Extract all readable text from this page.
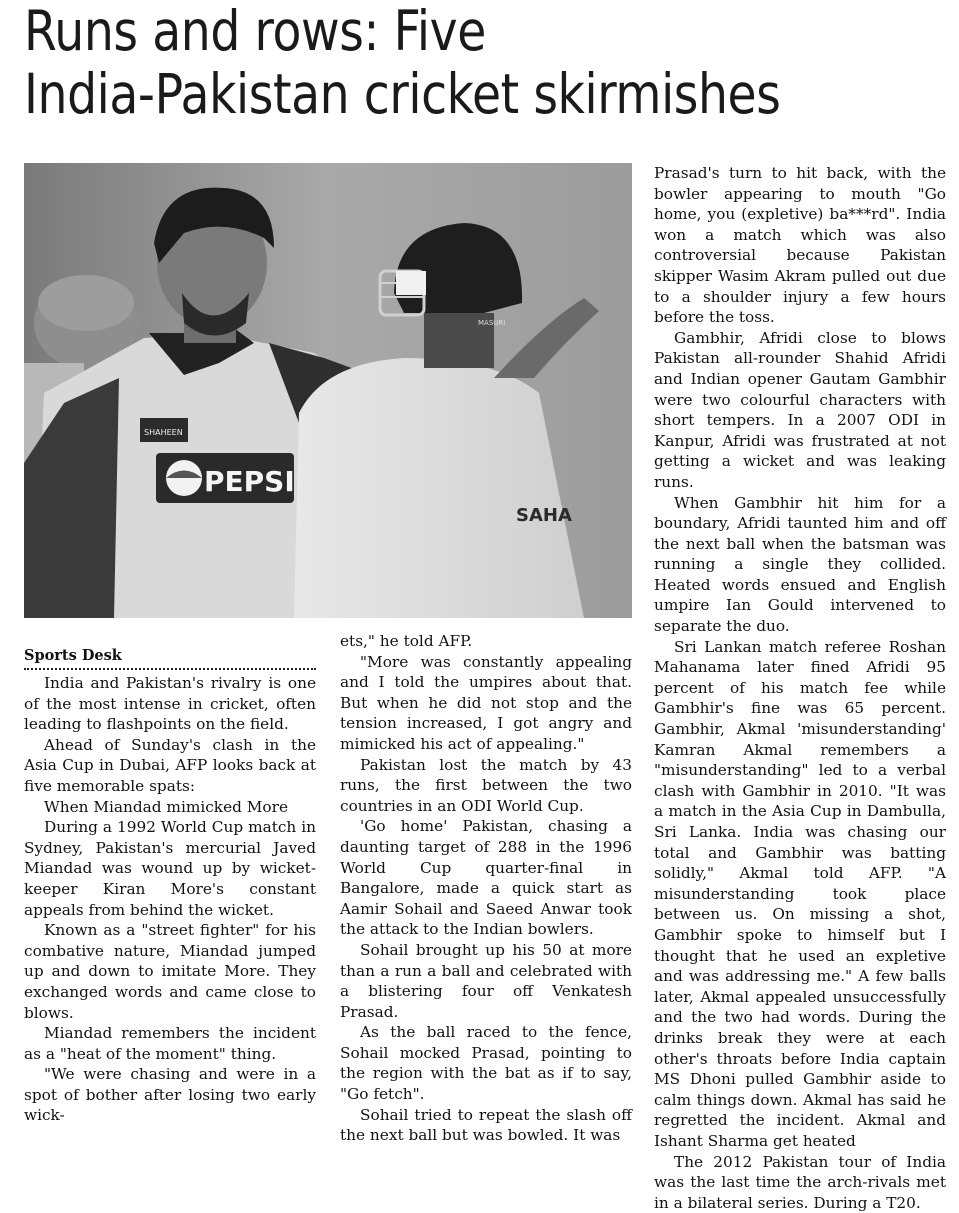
Runs and rows: Five
India-Pakistan cricket skirmishes
PEPSI
SHAHEEN
SAHA
MASURI
Sports Desk

India and Pakistan's rivalry is one of the most intense in cricket, often leading to flashpoints on the field.

Ahead of Sunday's clash in the Asia Cup in Dubai, AFP looks back at five memorable spats:

When Miandad mimicked More

During a 1992 World Cup match in Sydney, Pakistan's mercurial Javed Miandad was wound up by wicket-keeper Kiran More's constant appeals from behind the wicket.

Known as a "street fighter" for his combative nature, Miandad jumped up and down to imitate More. They exchanged words and came close to blows.

Miandad remembers the incident as a "heat of the moment" thing.

"We were chasing and were in a spot of bother after losing two early wick-

ets," he told AFP.

"More was constantly appealing and I told the umpires about that. But when he did not stop and the tension increased, I got angry and mimicked his act of appealing."

Pakistan lost the match by 43 runs, the first between the two countries in an ODI World Cup.

'Go home' Pakistan, chasing a daunting target of 288 in the 1996 World Cup quarter-final in Bangalore, made a quick start as Aamir Sohail and Saeed Anwar took the attack to the Indian bowlers.

Sohail brought up his 50 at more than a run a ball and celebrated with a blistering four off Venkatesh Prasad.

As the ball raced to the fence, Sohail mocked Prasad, pointing to the region with the bat as if to say, "Go fetch".

Sohail tried to repeat the slash off the next ball but was bowled. It was

Prasad's turn to hit back, with the bowler appearing to mouth "Go home, you (expletive) ba***rd". India won a match which was also controversial because Pakistan skipper Wasim Akram pulled out due to a shoulder injury a few hours before the toss.

Gambhir, Afridi close to blows Pakistan all-rounder Shahid Afridi and Indian opener Gautam Gambhir were two colourful characters with short tempers. In a 2007 ODI in Kanpur, Afridi was frustrated at not getting a wicket and was leaking runs.

When Gambhir hit him for a boundary, Afridi taunted him and off the next ball when the batsman was running a single they collided. Heated words ensued and English umpire Ian Gould intervened to separate the duo.

Sri Lankan match referee Roshan Mahanama later fined Afridi 95 percent of his match fee while Gambhir's fine was 65 percent. Gambhir, Akmal 'misunderstanding' Kamran Akmal remembers a "misunderstanding" led to a verbal clash with Gambhir in 2010. "It was a match in the Asia Cup in Dambulla, Sri Lanka. India was chasing our total and Gambhir was batting solidly," Akmal told AFP. "A misunderstanding took place between us. On missing a shot, Gambhir spoke to himself but I thought that he used an expletive and was addressing me." A few balls later, Akmal appealed unsuccessfully and the two had words. During the drinks break they were at each other's throats before India captain MS Dhoni pulled Gambhir aside to calm things down. Akmal has said he regretted the incident. Akmal and Ishant Sharma get heated

The 2012 Pakistan tour of India was the last time the arch-rivals met in a bilateral series. During a T20.
